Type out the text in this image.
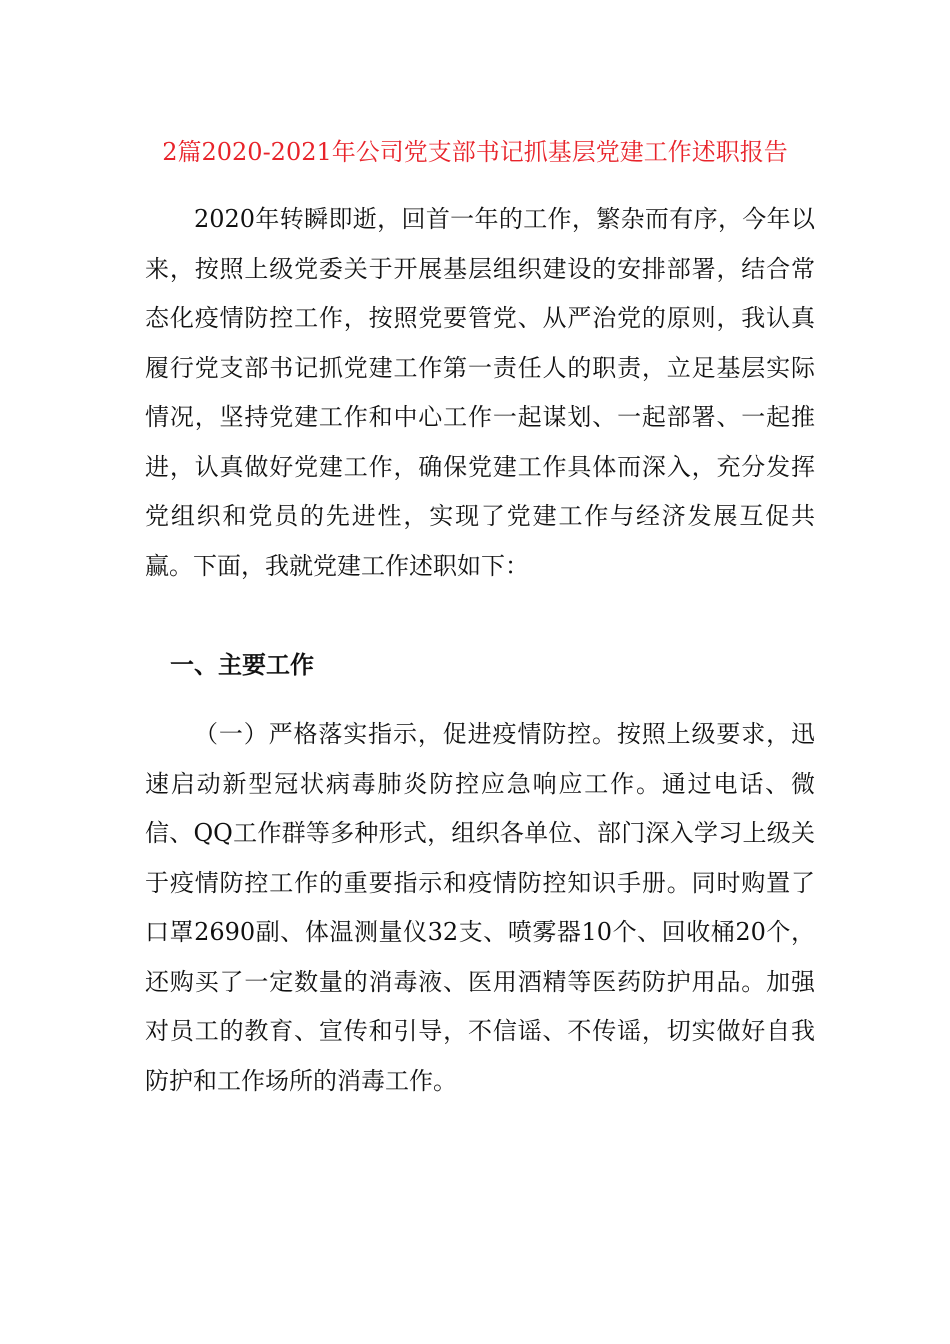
2篇2020-2021年公司党支部书记抓基层党建工作述职报告

2020年转瞬即逝，回首一年的工作，繁杂而有序，今年以来，按照上级党委关于开展基层组织建设的安排部署，结合常态化疫情防控工作，按照党要管党、从严治党的原则，我认真履行党支部书记抓党建工作第一责任人的职责，立足基层实际情况，坚持党建工作和中心工作一起谋划、一起部署、一起推进，认真做好党建工作，确保党建工作具体而深入，充分发挥党组织和党员的先进性，实现了党建工作与经济发展互促共赢。下面，我就党建工作述职如下：

一、主要工作

（一）严格落实指示，促进疫情防控。按照上级要求，迅速启动新型冠状病毒肺炎防控应急响应工作。通过电话、微信、QQ工作群等多种形式，组织各单位、部门深入学习上级关于疫情防控工作的重要指示和疫情防控知识手册。同时购置了口罩2690副、体温测量仪32支、喷雾器10个、回收桶20个，还购买了一定数量的消毒液、医用酒精等医药防护用品。加强对员工的教育、宣传和引导，不信谣、不传谣，切实做好自我防护和工作场所的消毒工作。
